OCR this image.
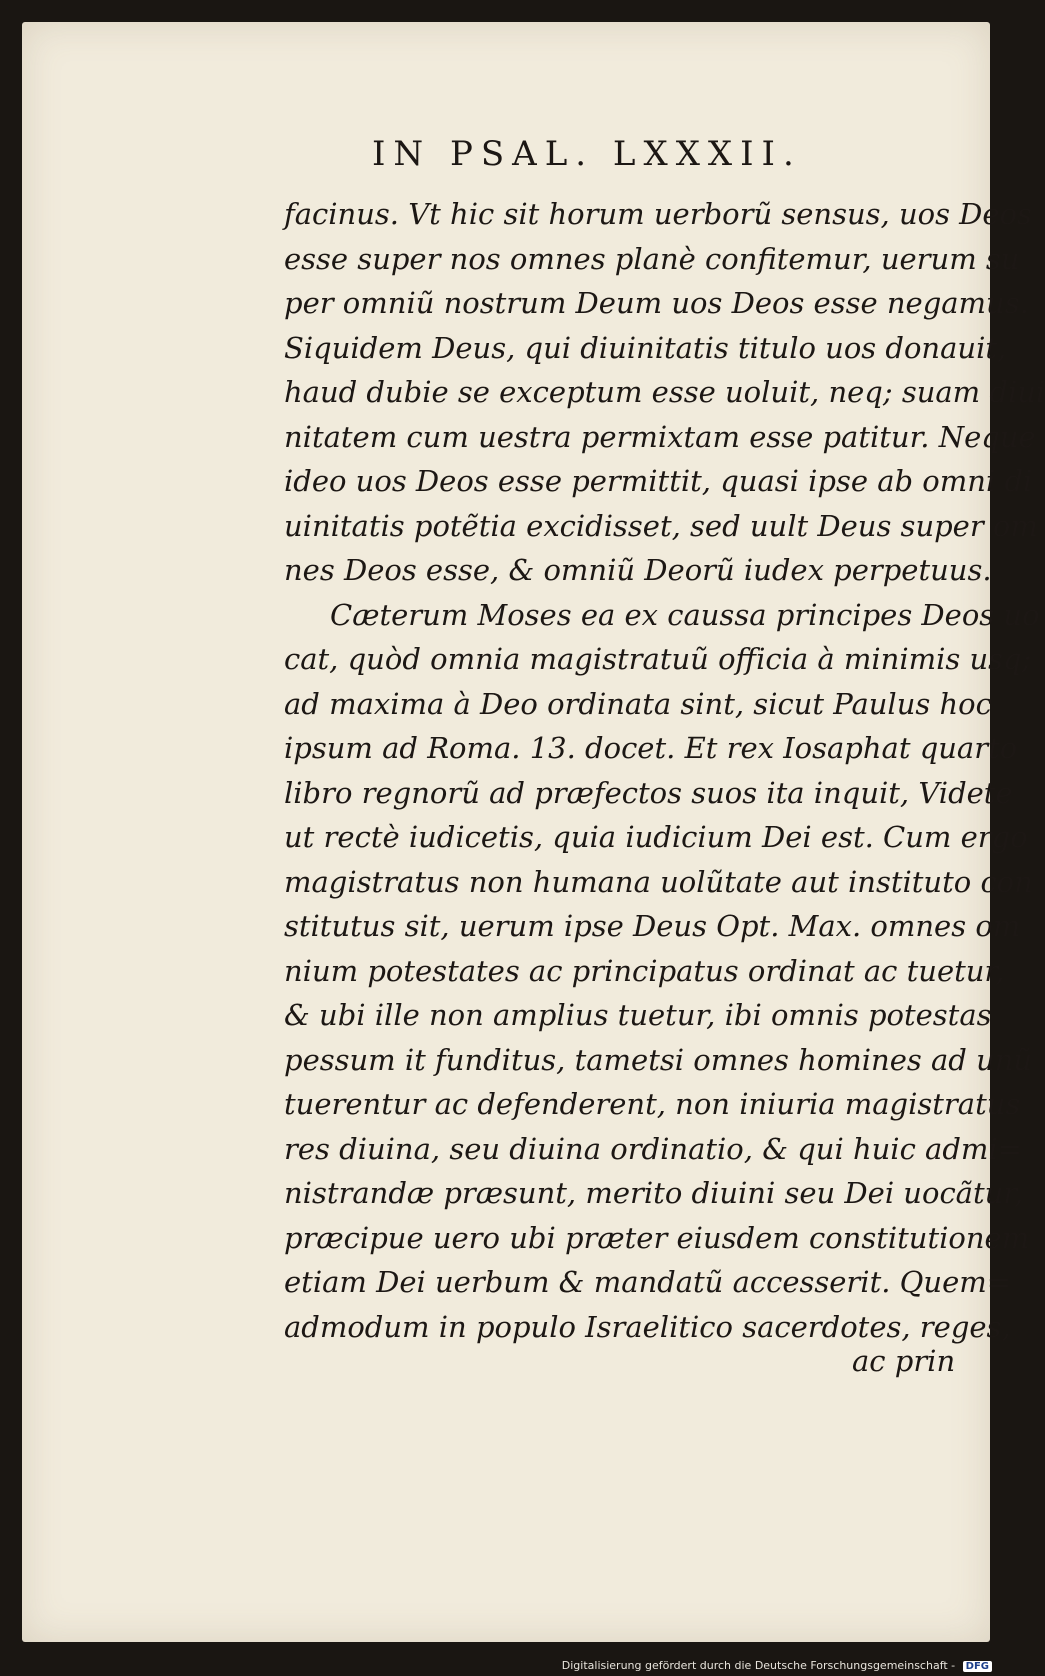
IN PSAL. LXXXII.
facinus. Vt hic sit horum uerborũ sensus, uos Deos
esse super nos omnes planè confitemur, uerum su
per omniũ nostrum Deum uos Deos esse negamus.
Siquidem Deus, qui diuinitatis titulo uos donauit,
haud dubie se exceptum esse uoluit, neq; suam diui
nitatem cum uestra permixtam esse patitur. Neque
ideo uos Deos esse permittit, quasi ipse ab omni di
uinitatis potẽtia excidisset, sed uult Deus super om
nes Deos esse, & omniũ Deorũ iudex perpetuus.
Cæterum Moses ea ex caussa principes Deos uo
cat, quòd omnia magistratuũ officia à minimis usq;
ad maxima à Deo ordinata sint, sicut Paulus hoc
ipsum ad Roma. 13. docet. Et rex Iosaphat quarto
libro regnorũ ad præfectos suos ita inquit, Videte
ut rectè iudicetis, quia iudicium Dei est. Cum ergo
magistratus non humana uolũtate aut instituto con
stitutus sit, uerum ipse Deus Opt. Max. omnes om
nium potestates ac principatus ordinat ac tuetur,
& ubi ille non amplius tuetur, ibi omnis potestas
pessum it funditus, tametsi omnes homines ad unũ
tuerentur ac defenderent, non iniuria magistratus
res diuina, seu diuina ordinatio, & qui huic admi=
nistrandæ præsunt, merito diuini seu Dei uocãtur,
præcipue uero ubi præter eiusdem constitutionem
etiam Dei uerbum & mandatũ accesserit. Quem=
admodum in populo Israelitico sacerdotes, reges,
ac prin
Digitalisierung gefördert durch die Deutsche Forschungsgemeinschaft - DFG
